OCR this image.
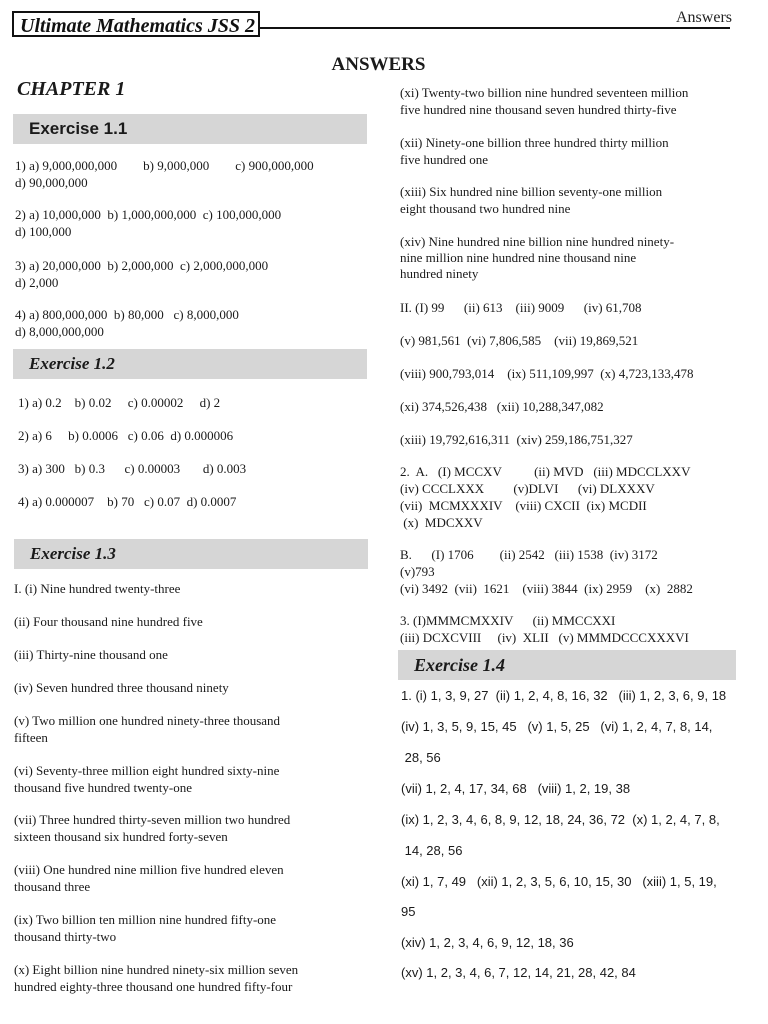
Ultimate Mathematics JSS 2	Answers
ANSWERS
CHAPTER 1
Exercise 1.1
1) a) 9,000,000,000        b) 9,000,000        c) 900,000,000
d) 90,000,000
2) a) 10,000,000  b) 1,000,000,000  c) 100,000,000
d) 100,000
3) a) 20,000,000  b) 2,000,000  c) 2,000,000,000
d) 2,000
4) a) 800,000,000  b) 80,000   c) 8,000,000
d) 8,000,000,000
Exercise 1.2
1) a) 0.2    b) 0.02     c) 0.00002     d) 2
2) a) 6     b) 0.0006   c) 0.06  d) 0.000006
3) a) 300   b) 0.3      c) 0.00003       d) 0.003
4) a) 0.000007    b) 70   c) 0.07  d) 0.0007
Exercise 1.3
I. (i) Nine hundred twenty-three
(ii) Four thousand nine hundred five
(iii) Thirty-nine thousand one
(iv) Seven hundred three thousand ninety
(v) Two million one hundred ninety-three thousand
fifteen
(vi) Seventy-three million eight hundred sixty-nine
thousand five hundred twenty-one
(vii) Three hundred thirty-seven million two hundred
sixteen thousand six hundred forty-seven
(viii) One hundred nine million five hundred eleven
thousand three
(ix) Two billion ten million nine hundred fifty-one
thousand thirty-two
(x) Eight billion nine hundred ninety-six million seven
hundred eighty-three thousand one hundred fifty-four
(xi) Twenty-two billion nine hundred seventeen million
five hundred nine thousand seven hundred thirty-five
(xii) Ninety-one billion three hundred thirty million
five hundred one
(xiii) Six hundred nine billion seventy-one million
eight thousand two hundred nine
(xiv) Nine hundred nine billion nine hundred ninety-
nine million nine hundred nine thousand nine
hundred ninety
II. (I) 99      (ii) 613    (iii) 9009      (iv) 61,708
(v) 981,561  (vi) 7,806,585    (vii) 19,869,521
(viii) 900,793,014    (ix) 511,109,997  (x) 4,723,133,478
(xi) 374,526,438   (xii) 10,288,347,082
(xiii) 19,792,616,311  (xiv) 259,186,751,327
2.  A.   (I) MCCXV          (ii) MVD   (iii) MDCCLXXV
(iv) CCCLXXX         (v)DLVI      (vi) DLXXXV
(vii)  MCMXXXIV    (viii) CXCII  (ix) MCDII
(x)  MDCXXV
B.      (I) 1706        (ii) 2542   (iii) 1538  (iv) 3172
(v)793
(vi) 3492  (vii)  1621    (viii) 3844  (ix) 2959    (x)  2882
3. (I)MMMCMXXIV      (ii) MMCCXXI
(iii) DCXCVIII     (iv)  XLII   (v) MMMDCCCXXXVI
Exercise 1.4
1. (i) 1, 3, 9, 27  (ii) 1, 2, 4, 8, 16, 32   (iii) 1, 2, 3, 6, 9, 18
(iv) 1, 3, 5, 9, 15, 45   (v) 1, 5, 25   (vi) 1, 2, 4, 7, 8, 14,
28, 56
(vii) 1, 2, 4, 17, 34, 68   (viii) 1, 2, 19, 38
(ix) 1, 2, 3, 4, 6, 8, 9, 12, 18, 24, 36, 72  (x) 1, 2, 4, 7, 8,
14, 28, 56
(xi) 1, 7, 49   (xii) 1, 2, 3, 5, 6, 10, 15, 30   (xiii) 1, 5, 19,
95
(xiv) 1, 2, 3, 4, 6, 9, 12, 18, 36
(xv) 1, 2, 3, 4, 6, 7, 12, 14, 21, 28, 42, 84
